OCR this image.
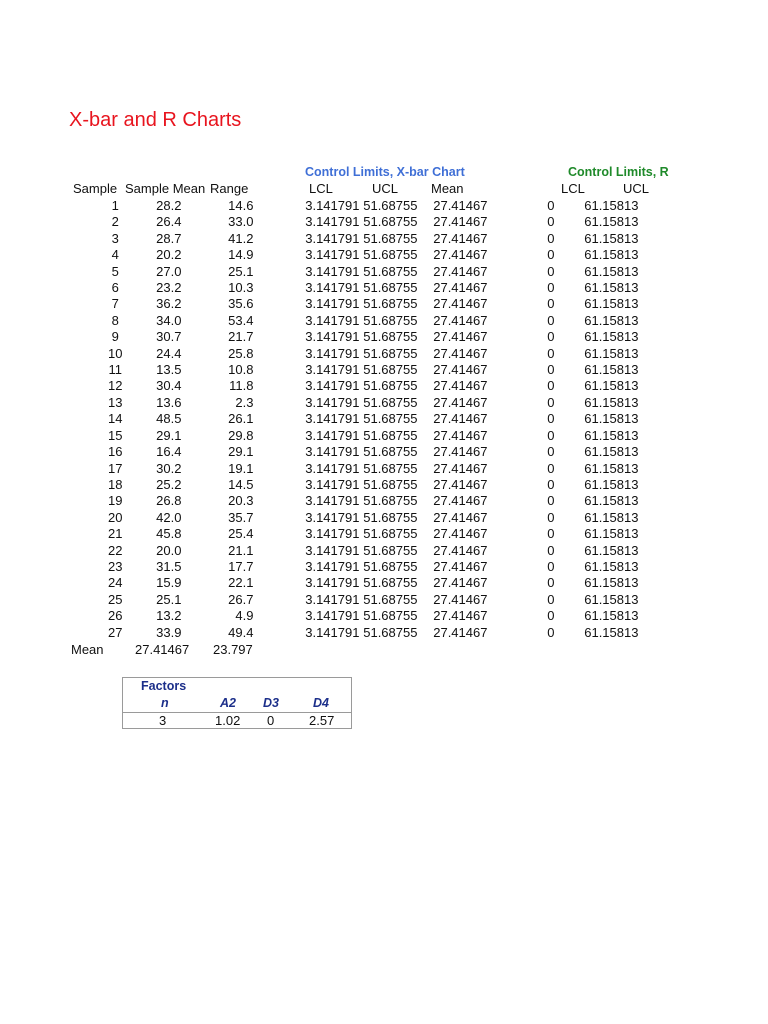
X-bar and R Charts
Control Limits, X-bar Chart	Control Limits, R
Sample Sample Mean Range	LCL	UCL	Mean	LCL	UCL
1	28.2	14.6	3.141791	51.68755	27.41467	0	61.15813
2	26.4	33.0	3.141791	51.68755	27.41467	0	61.15813
3	28.7	41.2	3.141791	51.68755	27.41467	0	61.15813
4	20.2	14.9	3.141791	51.68755	27.41467	0	61.15813
5	27.0	25.1	3.141791	51.68755	27.41467	0	61.15813
6	23.2	10.3	3.141791	51.68755	27.41467	0	61.15813
7	36.2	35.6	3.141791	51.68755	27.41467	0	61.15813
8	34.0	53.4	3.141791	51.68755	27.41467	0	61.15813
9	30.7	21.7	3.141791	51.68755	27.41467	0	61.15813
10	24.4	25.8	3.141791	51.68755	27.41467	0	61.15813
11	13.5	10.8	3.141791	51.68755	27.41467	0	61.15813
12	30.4	11.8	3.141791	51.68755	27.41467	0	61.15813
13	13.6	2.3	3.141791	51.68755	27.41467	0	61.15813
14	48.5	26.1	3.141791	51.68755	27.41467	0	61.15813
15	29.1	29.8	3.141791	51.68755	27.41467	0	61.15813
16	16.4	29.1	3.141791	51.68755	27.41467	0	61.15813
17	30.2	19.1	3.141791	51.68755	27.41467	0	61.15813
18	25.2	14.5	3.141791	51.68755	27.41467	0	61.15813
19	26.8	20.3	3.141791	51.68755	27.41467	0	61.15813
20	42.0	35.7	3.141791	51.68755	27.41467	0	61.15813
21	45.8	25.4	3.141791	51.68755	27.41467	0	61.15813
22	20.0	21.1	3.141791	51.68755	27.41467	0	61.15813
23	31.5	17.7	3.141791	51.68755	27.41467	0	61.15813
24	15.9	22.1	3.141791	51.68755	27.41467	0	61.15813
25	25.1	26.7	3.141791	51.68755	27.41467	0	61.15813
26	13.2	4.9	3.141791	51.68755	27.41467	0	61.15813
27	33.9	49.4	3.141791	51.68755	27.41467	0	61.15813
Mean 27.41467 23.797
Factors
n	A2 D3	D4
3	1.02 0	2.57
